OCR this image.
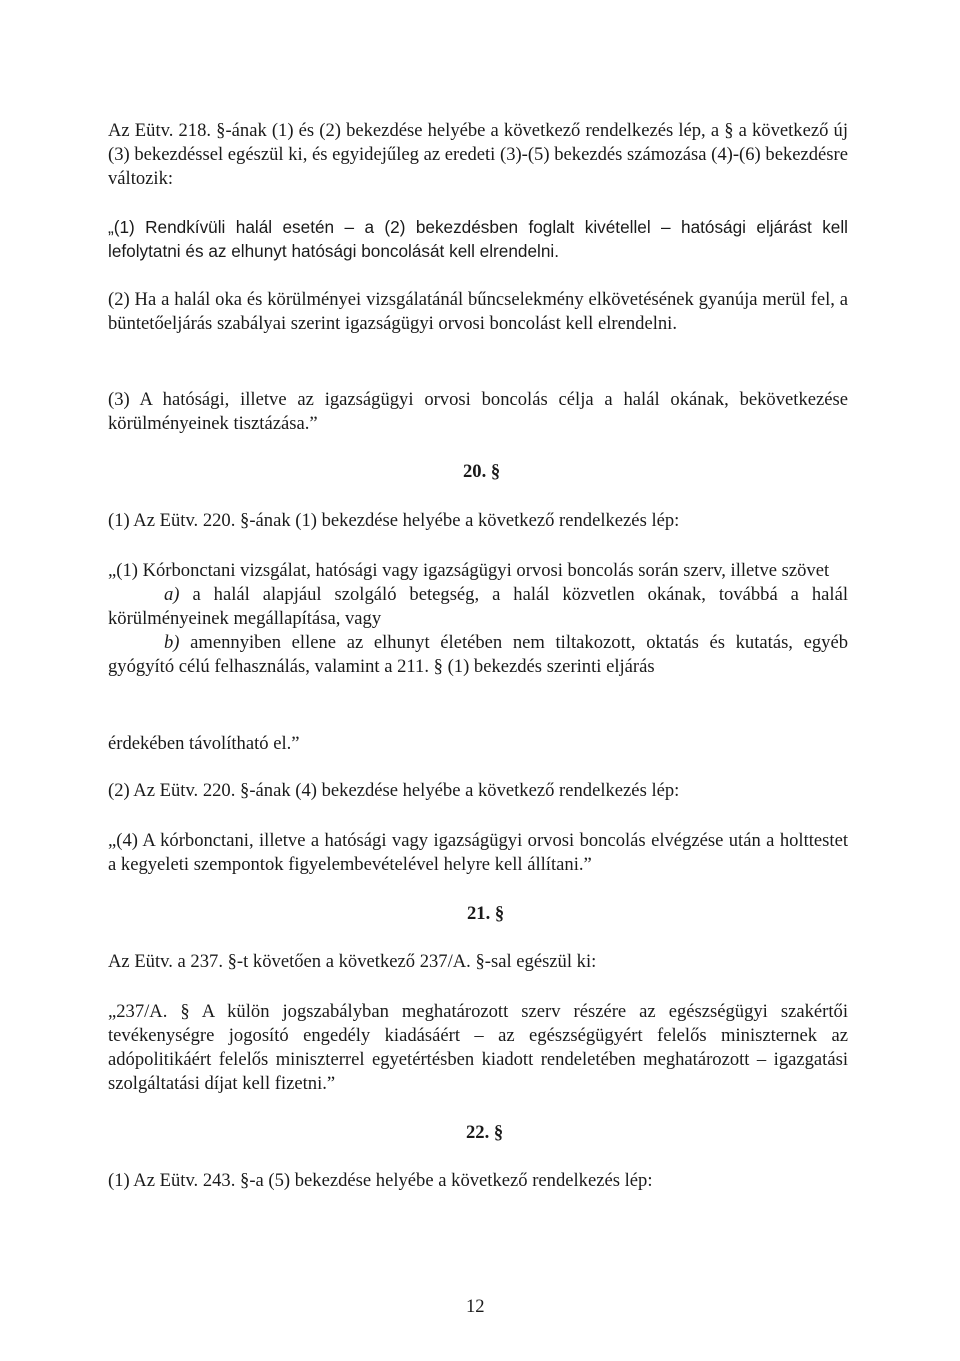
Az Eütv. 218. §-ának (1) és (2) bekezdése helyébe a következő rendelkezés lép, a § a következő új (3) bekezdéssel egészül ki, és egyidejűleg az eredeti (3)-(5) bekezdés számozása (4)-(6) bekezdésre változik:
„(1) Rendkívüli halál esetén – a (2) bekezdésben foglalt kivétellel – hatósági eljárást kell lefolytatni és az elhunyt hatósági boncolását kell elrendelni.
(2) Ha a halál oka és körülményei vizsgálatánál bűncselekmény elkövetésének gyanúja merül fel, a büntetőeljárás szabályai szerint igazságügyi orvosi boncolást kell elrendelni.
(3) A hatósági, illetve az igazságügyi orvosi boncolás célja a halál okának, bekövetkezése körülményeinek tisztázása.”
20. §
(1) Az Eütv. 220. §-ának (1) bekezdése helyébe a következő rendelkezés lép:
„(1) Kórbonctani vizsgálat, hatósági vagy igazságügyi orvosi boncolás során szerv, illetve szövet
a) a halál alapjául szolgáló betegség, a halál közvetlen okának, továbbá a halál körülményeinek megállapítása, vagy
b) amennyiben ellene az elhunyt életében nem tiltakozott, oktatás és kutatás, egyéb gyógyító célú felhasználás, valamint a 211. § (1) bekezdés szerinti eljárás
érdekében távolítható el.”
(2) Az Eütv. 220. §-ának (4) bekezdése helyébe a következő rendelkezés lép:
„(4) A kórbonctani, illetve a hatósági vagy igazságügyi orvosi boncolás elvégzése után a holttestet a kegyeleti szempontok figyelembevételével helyre kell állítani.”
21. §
Az Eütv. a 237. §-t követően a következő 237/A. §-sal egészül ki:
„237/A. § A külön jogszabályban meghatározott szerv részére az egészségügyi szakértői tevékenységre jogosító engedély kiadásáért – az egészségügyért felelős miniszternek az adópolitikáért felelős miniszterrel egyetértésben kiadott rendeletében meghatározott – igazgatási szolgáltatási díjat kell fizetni.”
22. §
(1) Az Eütv. 243. §-a (5) bekezdése helyébe a következő rendelkezés lép:
12
